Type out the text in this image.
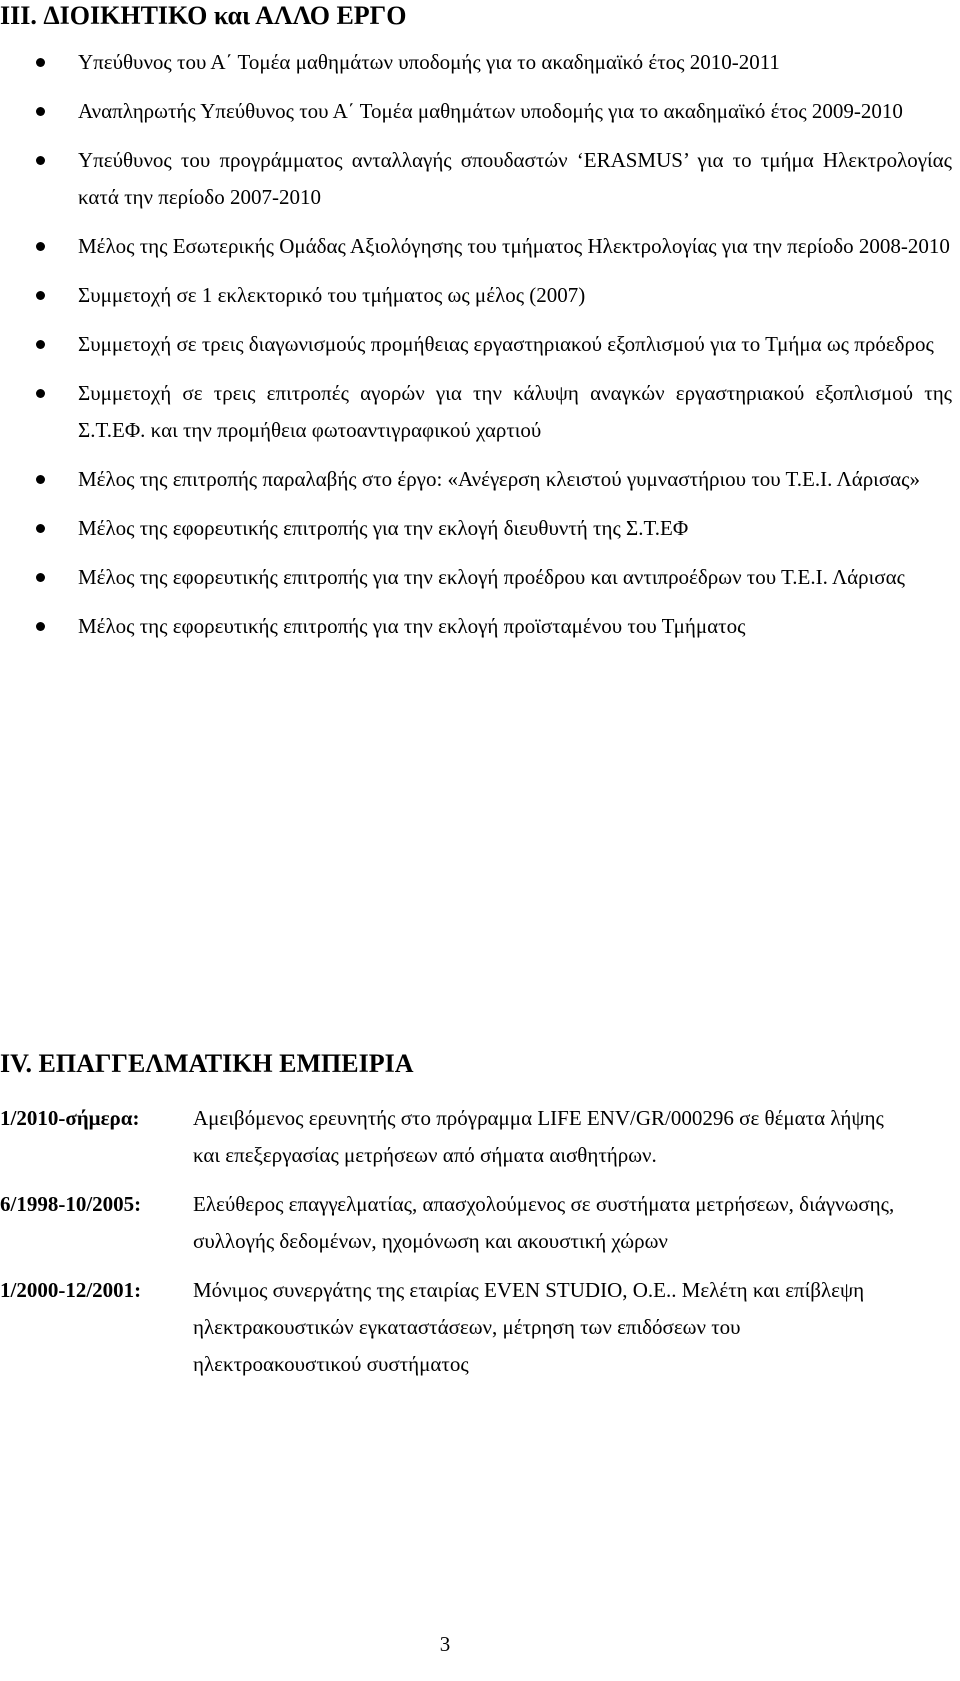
III. ΔΙΟΙΚΗΤΙΚΟ και ΑΛΛΟ ΕΡΓΟ
Υπεύθυνος του Α΄ Τομέα μαθημάτων υποδομής για το ακαδημαϊκό έτος 2010-2011
Αναπληρωτής Υπεύθυνος του Α΄ Τομέα μαθημάτων υποδομής για το ακαδημαϊκό έτος 2009-2010
Υπεύθυνος του προγράμματος ανταλλαγής σπουδαστών ‘ERASMUS’ για το τμήμα Ηλεκτρολογίας κατά την περίοδο 2007-2010
Μέλος της Εσωτερικής Ομάδας Αξιολόγησης του τμήματος Ηλεκτρολογίας για την περίοδο 2008-2010
Συμμετοχή σε 1 εκλεκτορικό του τμήματος ως μέλος (2007)
Συμμετοχή σε τρεις διαγωνισμούς προμήθειας εργαστηριακού εξοπλισμού για το Τμήμα ως πρόεδρος
Συμμετοχή σε τρεις επιτροπές αγορών για την κάλυψη αναγκών εργαστηριακού εξοπλισμού της Σ.Τ.ΕΦ. και την προμήθεια φωτοαντιγραφικού χαρτιού
Μέλος της επιτροπής παραλαβής στο έργο: «Ανέγερση κλειστού γυμναστήριου του Τ.Ε.Ι. Λάρισας»
Μέλος της εφορευτικής επιτροπής για την εκλογή διευθυντή της Σ.Τ.ΕΦ
Μέλος της εφορευτικής επιτροπής για την εκλογή προέδρου και αντιπροέδρων του Τ.Ε.Ι. Λάρισας
Μέλος της εφορευτικής επιτροπής για την εκλογή προϊσταμένου του Τμήματος
IV. ΕΠΑΓΓΕΛΜΑΤΙΚΗ ΕΜΠΕΙΡΙΑ
1/2010-σήμερα:	Αμειβόμενος ερευνητής στο πρόγραμμα LIFE ENV/GR/000296 σε θέματα λήψης και επεξεργασίας μετρήσεων από σήματα αισθητήρων.
6/1998-10/2005: Ελεύθερος επαγγελματίας, απασχολούμενος σε συστήματα μετρήσεων, διάγνωσης, συλλογής δεδομένων, ηχομόνωση και ακουστική χώρων
1/2000-12/2001: Μόνιμος συνεργάτης της εταιρίας EVEN STUDIO, O.E.. Μελέτη και επίβλεψη ηλεκτρακουστικών εγκαταστάσεων, μέτρηση των επιδόσεων του ηλεκτροακουστικού συστήματος
3
